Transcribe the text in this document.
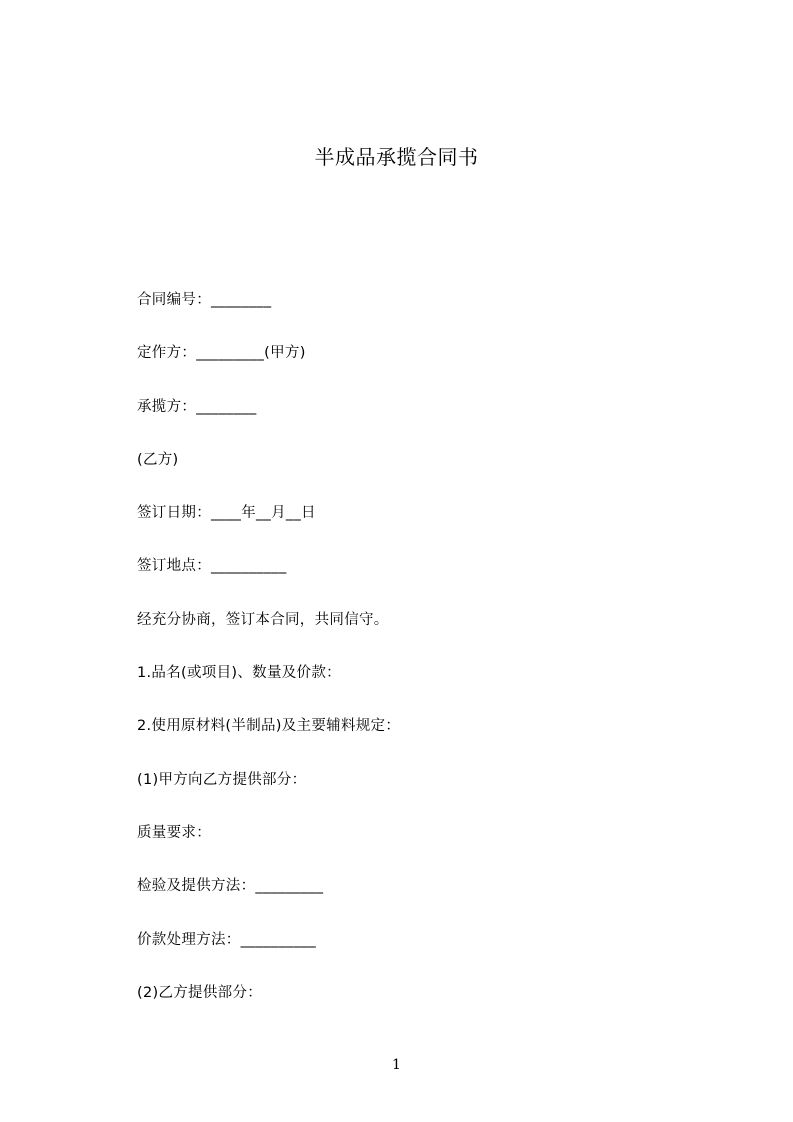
半成品承揽合同书
合同编号：________
定作方：_________(甲方)
承揽方：________
(乙方)
签订日期：____年__月__日
签订地点：__________
经充分协商，签订本合同，共同信守。
1.品名(或项目)、数量及价款：
2.使用原材料(半制品)及主要辅料规定：
(1)甲方向乙方提供部分：
质量要求：
检验及提供方法：_________
价款处理方法：__________
(2)乙方提供部分：
1
